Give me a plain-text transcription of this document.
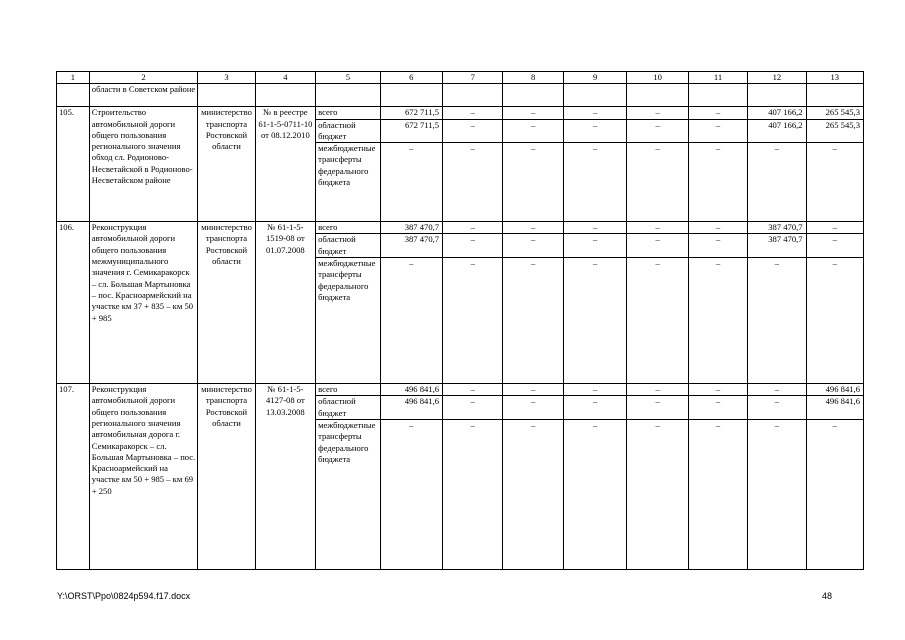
1	2	3	4	5	6	7	8	9	10	11	12	13
	области в Советском районе											
105.	Строительство автомобильной дороги общего пользования регионального значения обход сл. Родионово-Несветайской в Родионово-Несветайском районе	министерство транспорта Ростовской области	№ в реестре 61-1-5-0711-10 от 08.12.2010	всего	672 711,5	–	–	–	–	–	407 166,2	265 545,3
				областной бюджет	672 711,5	–	–	–	–	–	407 166,2	265 545,3
				межбюджетные трансферты федерального бюджета	–	–	–	–	–	–	–	–
106.	Реконструкция автомобильной дороги общего пользования межмуниципального значения г. Семикаракорск – сл. Большая Мартыновка – пос. Красноармейский на участке км 37 + 835 – км 50 + 985	министерство транспорта Ростовской области	№ 61-1-5-1519-08 от 01.07.2008	всего	387 470,7	–	–	–	–	–	387 470,7	–
				областной бюджет	387 470,7	–	–	–	–	–	387 470,7	–
				межбюджетные трансферты федерального бюджета	–	–	–	–	–	–	–	–
107.	Реконструкция автомобильной дороги общего пользования регионального значения автомобильная дорога г. Семикаракорск – сл. Большая Мартыновка – пос. Красноармейский на участке км 50 + 985 – км 69 + 250	министерство транспорта Ростовской области	№ 61-1-5-4127-08 от 13.03.2008	всего	496 841,6	–	–	–	–	–	–	496 841,6
				областной бюджет	496 841,6	–	–	–	–	–	–	496 841,6
				межбюджетные трансферты федерального бюджета	–	–	–	–	–	–	–	–
Y:\ORST\Ppo\0824p594.f17.docx	48
